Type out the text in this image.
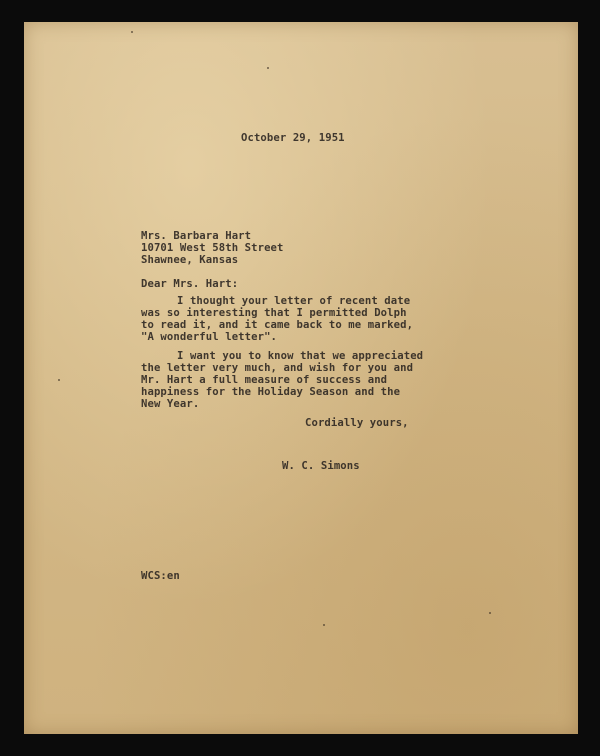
October 29, 1951
Mrs. Barbara Hart
10701 West 58th Street
Shawnee, Kansas
Dear Mrs. Hart:
I thought your letter of recent date
was so interesting that I permitted Dolph
to read it, and it came back to me marked,
"A wonderful letter".
I want you to know that we appreciated
the letter very much, and wish for you and
Mr. Hart a full measure of success and
happiness for the Holiday Season and the
New Year.
Cordially yours,
W. C. Simons
WCS:en
